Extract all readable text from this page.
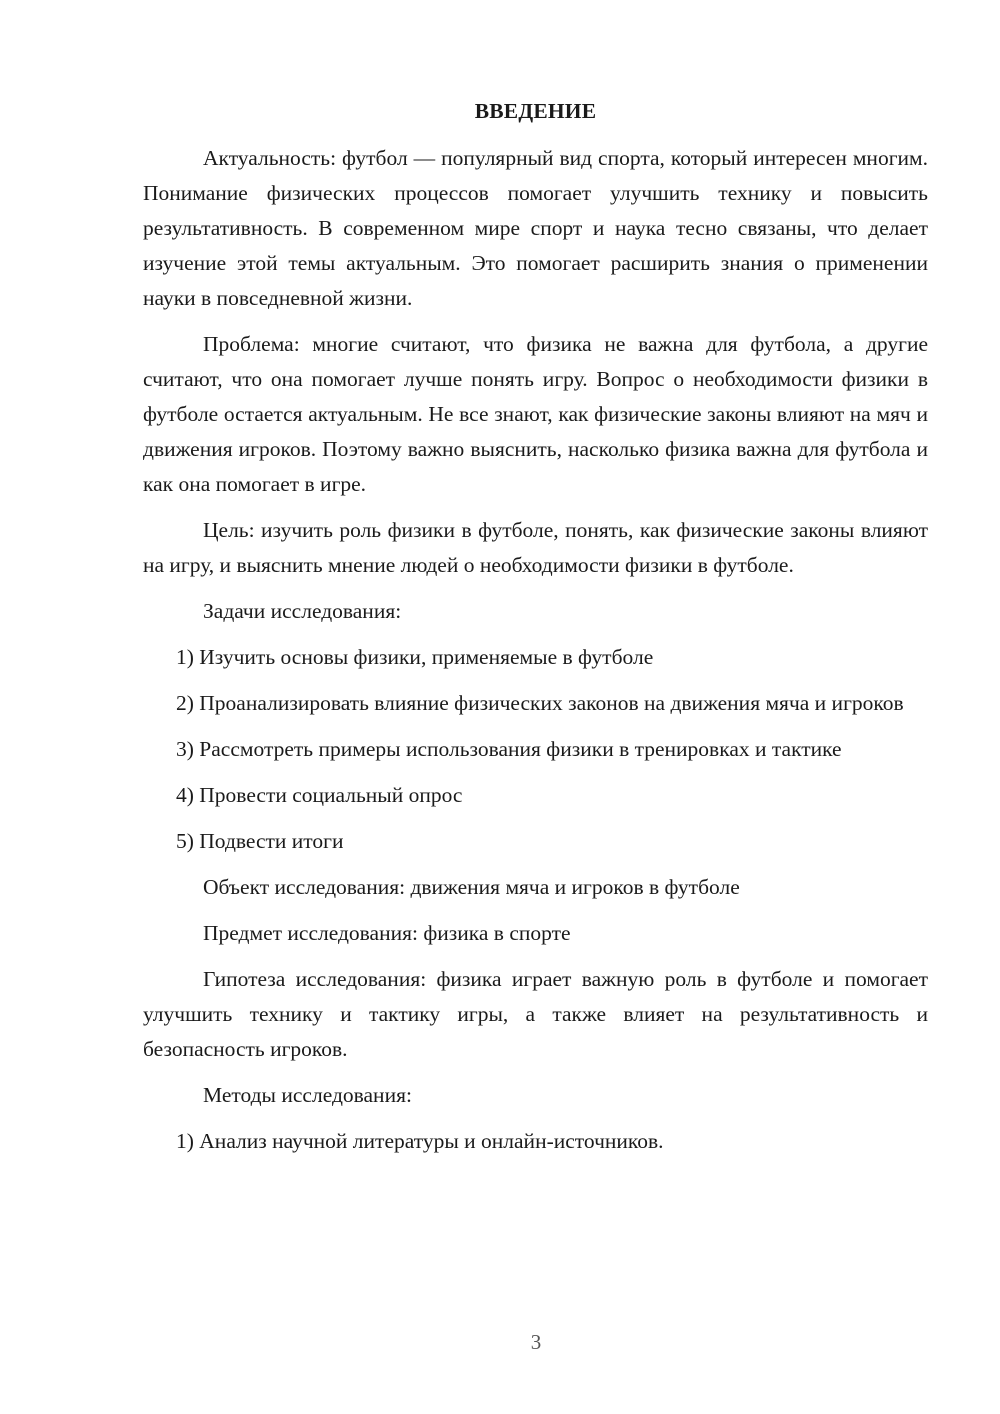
ВВЕДЕНИЕ

Актуальность: футбол — популярный вид спорта, который интересен многим. Понимание физических процессов помогает улучшить технику и повысить результативность. В современном мире спорт и наука тесно связаны, что делает изучение этой темы актуальным. Это помогает расширить знания о применении науки в повседневной жизни.

Проблема: многие считают, что физика не важна для футбола, а другие считают, что она помогает лучше понять игру. Вопрос о необходимости физики в футболе остается актуальным. Не все знают, как физические законы влияют на мяч и движения игроков. Поэтому важно выяснить, насколько физика важна для футбола и как она помогает в игре.

Цель: изучить роль физики в футболе, понять, как физические законы влияют на игру, и выяснить мнение людей о необходимости физики в футболе.

Задачи исследования:

1) Изучить основы физики, применяемые в футболе

2) Проанализировать влияние физических законов на движения мяча и игроков

3) Рассмотреть примеры использования физики в тренировках и тактике

4) Провести социальный опрос

5) Подвести итоги

Объект исследования: движения мяча и игроков в футболе

Предмет исследования: физика в спорте

Гипотеза исследования: физика играет важную роль в футболе и помогает улучшить технику и тактику игры, а также влияет на результативность и безопасность игроков.

Методы исследования:

1) Анализ научной литературы и онлайн-источников.

3
